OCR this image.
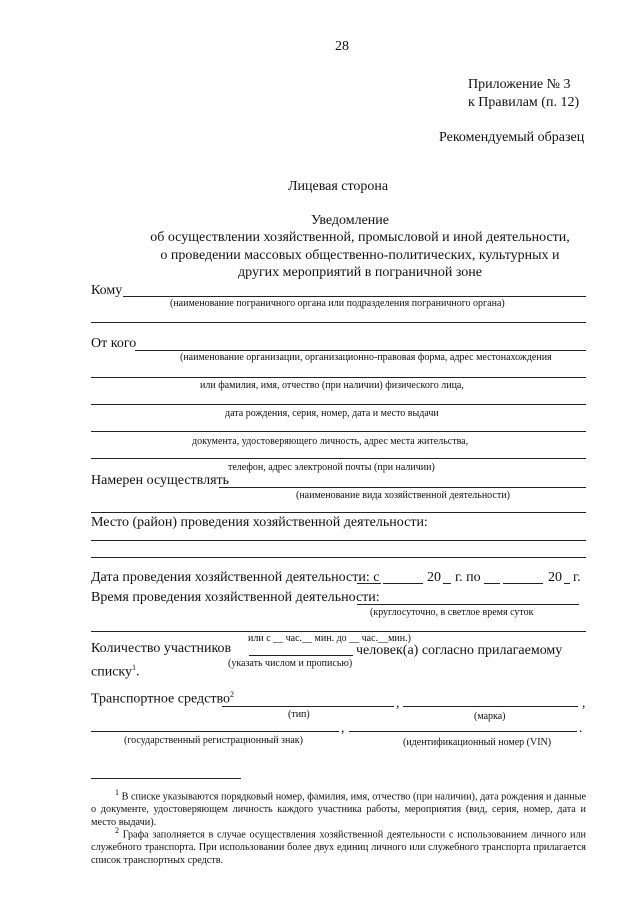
28
Приложение № 3
к Правилам (п. 12)
Рекомендуемый образец
Лицевая сторона
Уведомление
об осуществлении хозяйственной, промысловой и иной деятельности,
о проведении массовых общественно-политических, культурных и
других мероприятий в пограничной зоне
Кому
(наименование пограничного органа или подразделения пограничного органа)
От кого
(наименование организации, организационно-правовая форма, адрес местонахождения
или фамилия, имя, отчество (при наличии) физического лица,
дата рождения, серия, номер, дата и место выдачи
документа, удостоверяющего личность, адрес места жительства,
телефон, адрес электроной почты (при наличии)
Намерен осуществлять
(наименование вида хозяйственной деятельности)
Место (район) проведения хозяйственной деятельности:
Дата проведения хозяйственной деятельности: с	20 г. по	20 г.
Время проведения хозяйственной деятельности:
(круглосуточно, в светлое время суток
или с __ час.__ мин. до __ час.__мин.)
Количество участников	человек(а) согласно прилагаемому
(указать числом и прописью)
списку$^1$.
Транспортное средство$^2$
,	,
(тип)	(марка)
,	.
(государственный регистрационный знак)	(идентификационный номер (VIN)
$^1$ В списке указываются порядковый номер, фамилия, имя, отчество (при наличии), дата рождения и данные о документе, удостоверяющем личность каждого участника работы, мероприятия (вид, серия, номер, дата и место выдачи).
$^2$ Графа заполняется в случае осуществления хозяйственной деятельности с использованием личного или служебного транспорта. При использовании более двух единиц личного или служебного транспорта прилагается список транспортных средств.
